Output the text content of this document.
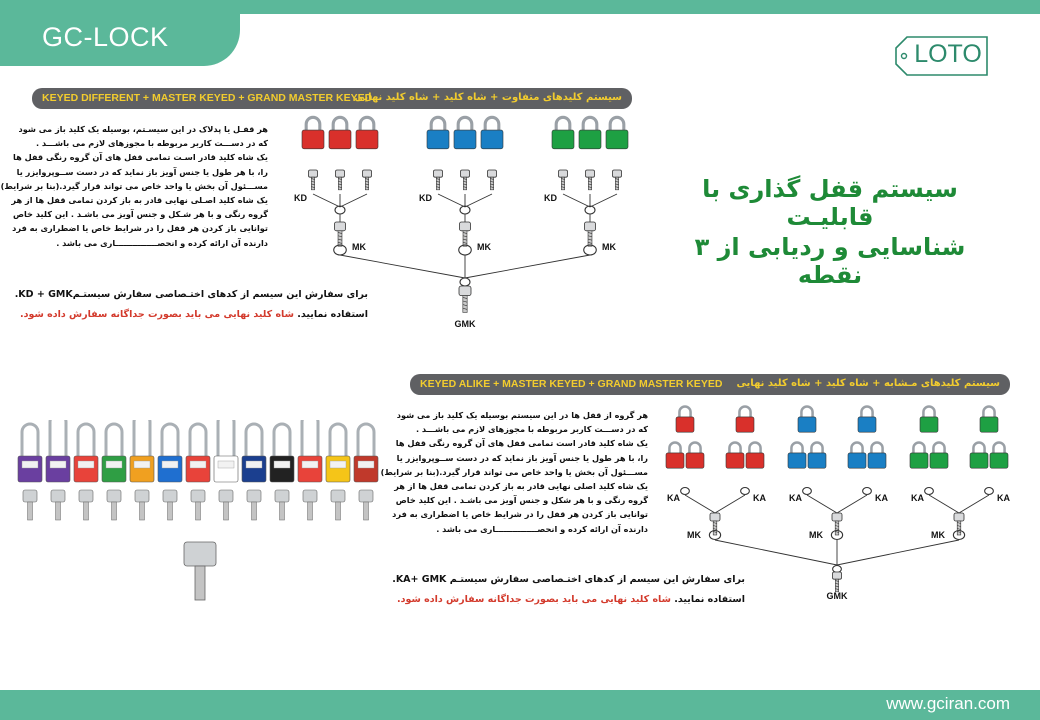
GC-LOCK
LOTO
KEYED DIFFERENT + MASTER KEYED + GRAND MASTER KEYED
سیستم کلیدهای متفاوت + شاه کلید + شاه کلید نهایی
هر قفـل یا پدلاک در این سیسـتم، بوسیله یک کلید باز می شود
که در دســـت کاربر مربوطه با مجوزهای لازم می باشـــد .
یک شاه کلید قادر اسـت تمامی قفل های آن گروه رنگی قفل ها
را، با هر طول یا جنس آویز باز نماید که در دست ســوپروایزر یا
مســـئول آن بخش یا واحد خاص می تواند قرار گیرد.(بنا بر شرایط)
یک شاه کلید اصـلی نهایی قادر به باز کردن تمامی قفل ها از هر
گروه رنگی و با هر شـکل و جنس آویز می باشـد . این کلید خاص
توانایی باز کردن هر قفل را در شرایط خاص یا اضطراری به فرد
دارنده آن ارائه کرده و انحصـــــــــــــــاری می باشد .
برای سفارش این سیسم از کدهای اختـصاصی سفارش سیستـمKD + GMK.
استفاده نمایید. شاه کلید نهایی می باید بصورت جداگانه سفارش داده شود.
KD
MK
KD
MK
KD
MK
GMK
سیستم قفل گذاری با قابلیـت
شناسایی و ردیابی از ۳ نقطه
KEYED ALIKE + MASTER KEYED + GRAND MASTER KEYED سیستم کلیدهای مـشابه + شاه کلید + شاه کلید نهایی
هر گروه از قفل ها در این سیستم بوسیله یک کلید باز می شود
که در دســـت کاربر مربوطه با مجوزهای لازم می باشـــد .
یک شاه کلید قادر است تمامی قفل های آن گروه رنگی قفل ها
را، با هر طول یا جنس آویز باز نماید که در دست ســوپروایزر یا
مســـئول آن بخش یا واحد خاص می تواند قرار گیرد.(بنا بر شرایط)
یک شاه کلید اصلی نهایی قادر به باز کردن تمامی قفل ها از هر
گروه رنگی و با هر شکل و جنس آویز می باشـد . این کلید خاص
توانایی باز کردن هر قفل را در شرایط خاص یا اضطراری به فرد
دارنده آن ارائه کرده و انحصـــــــــــــــاری می باشد .
برای سفارش این سیسم از کدهای اختـصاصی سفارش سیستـم KA+ GMK.
استفاده نمایید. شاه کلید نهایی می باید بصورت جداگانه سفارش داده شود.
KA	KA
MK
KA	KA
MK
KA	KA
MK
GMK
www.gciran.com
